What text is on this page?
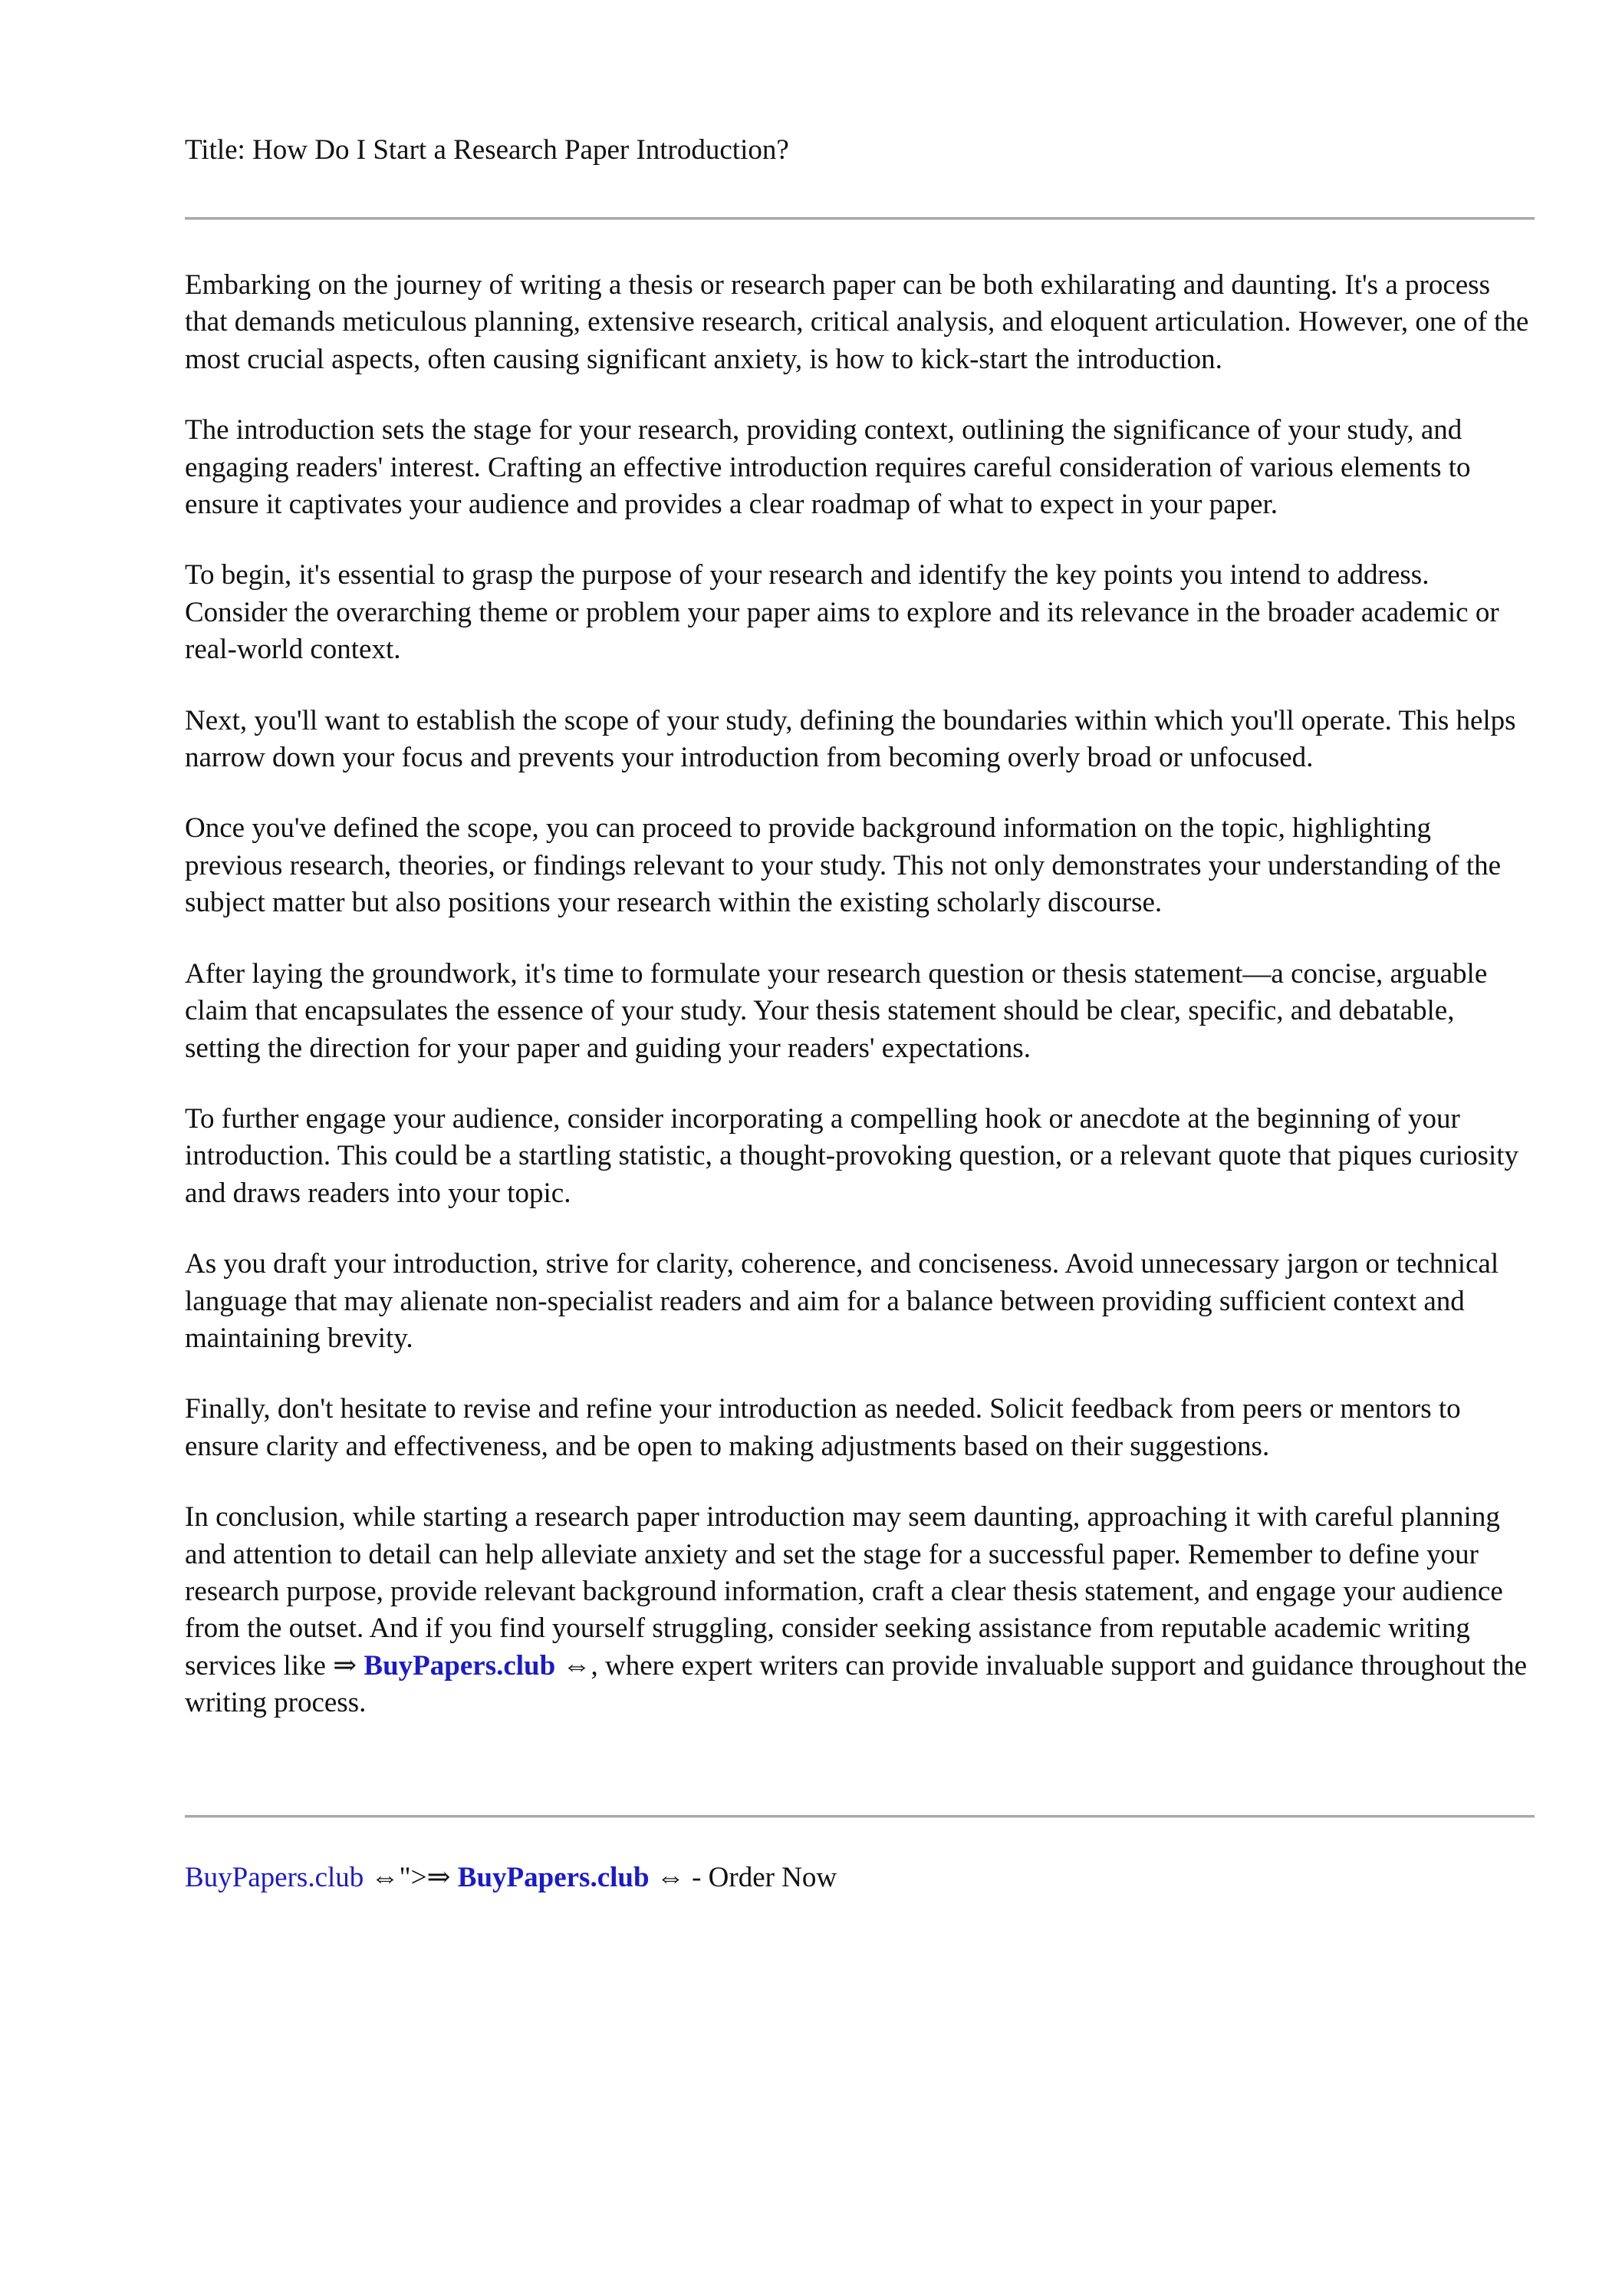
Title: How Do I Start a Research Paper Introduction?

Embarking on the journey of writing a thesis or research paper can be both exhilarating and daunting. It's a process that demands meticulous planning, extensive research, critical analysis, and eloquent articulation. However, one of the most crucial aspects, often causing significant anxiety, is how to kick-start the introduction.

The introduction sets the stage for your research, providing context, outlining the significance of your study, and engaging readers' interest. Crafting an effective introduction requires careful consideration of various elements to ensure it captivates your audience and provides a clear roadmap of what to expect in your paper.

To begin, it's essential to grasp the purpose of your research and identify the key points you intend to address. Consider the overarching theme or problem your paper aims to explore and its relevance in the broader academic or real-world context.

Next, you'll want to establish the scope of your study, defining the boundaries within which you'll operate. This helps narrow down your focus and prevents your introduction from becoming overly broad or unfocused.

Once you've defined the scope, you can proceed to provide background information on the topic, highlighting previous research, theories, or findings relevant to your study. This not only demonstrates your understanding of the subject matter but also positions your research within the existing scholarly discourse.

After laying the groundwork, it's time to formulate your research question or thesis statement—a concise, arguable claim that encapsulates the essence of your study. Your thesis statement should be clear, specific, and debatable, setting the direction for your paper and guiding your readers' expectations.

To further engage your audience, consider incorporating a compelling hook or anecdote at the beginning of your introduction. This could be a startling statistic, a thought-provoking question, or a relevant quote that piques curiosity and draws readers into your topic.

As you draft your introduction, strive for clarity, coherence, and conciseness. Avoid unnecessary jargon or technical language that may alienate non-specialist readers and aim for a balance between providing sufficient context and maintaining brevity.

Finally, don't hesitate to revise and refine your introduction as needed. Solicit feedback from peers or mentors to ensure clarity and effectiveness, and be open to making adjustments based on their suggestions.

In conclusion, while starting a research paper introduction may seem daunting, approaching it with careful planning and attention to detail can help alleviate anxiety and set the stage for a successful paper. Remember to define your research purpose, provide relevant background information, craft a clear thesis statement, and engage your audience from the outset. And if you find yourself struggling, consider seeking assistance from reputable academic writing services like ⇒ BuyPapers.club ⇔, where expert writers can provide invaluable support and guidance throughout the writing process.

BuyPapers.club ⇔">⇒ BuyPapers.club ⇔ - Order Now
